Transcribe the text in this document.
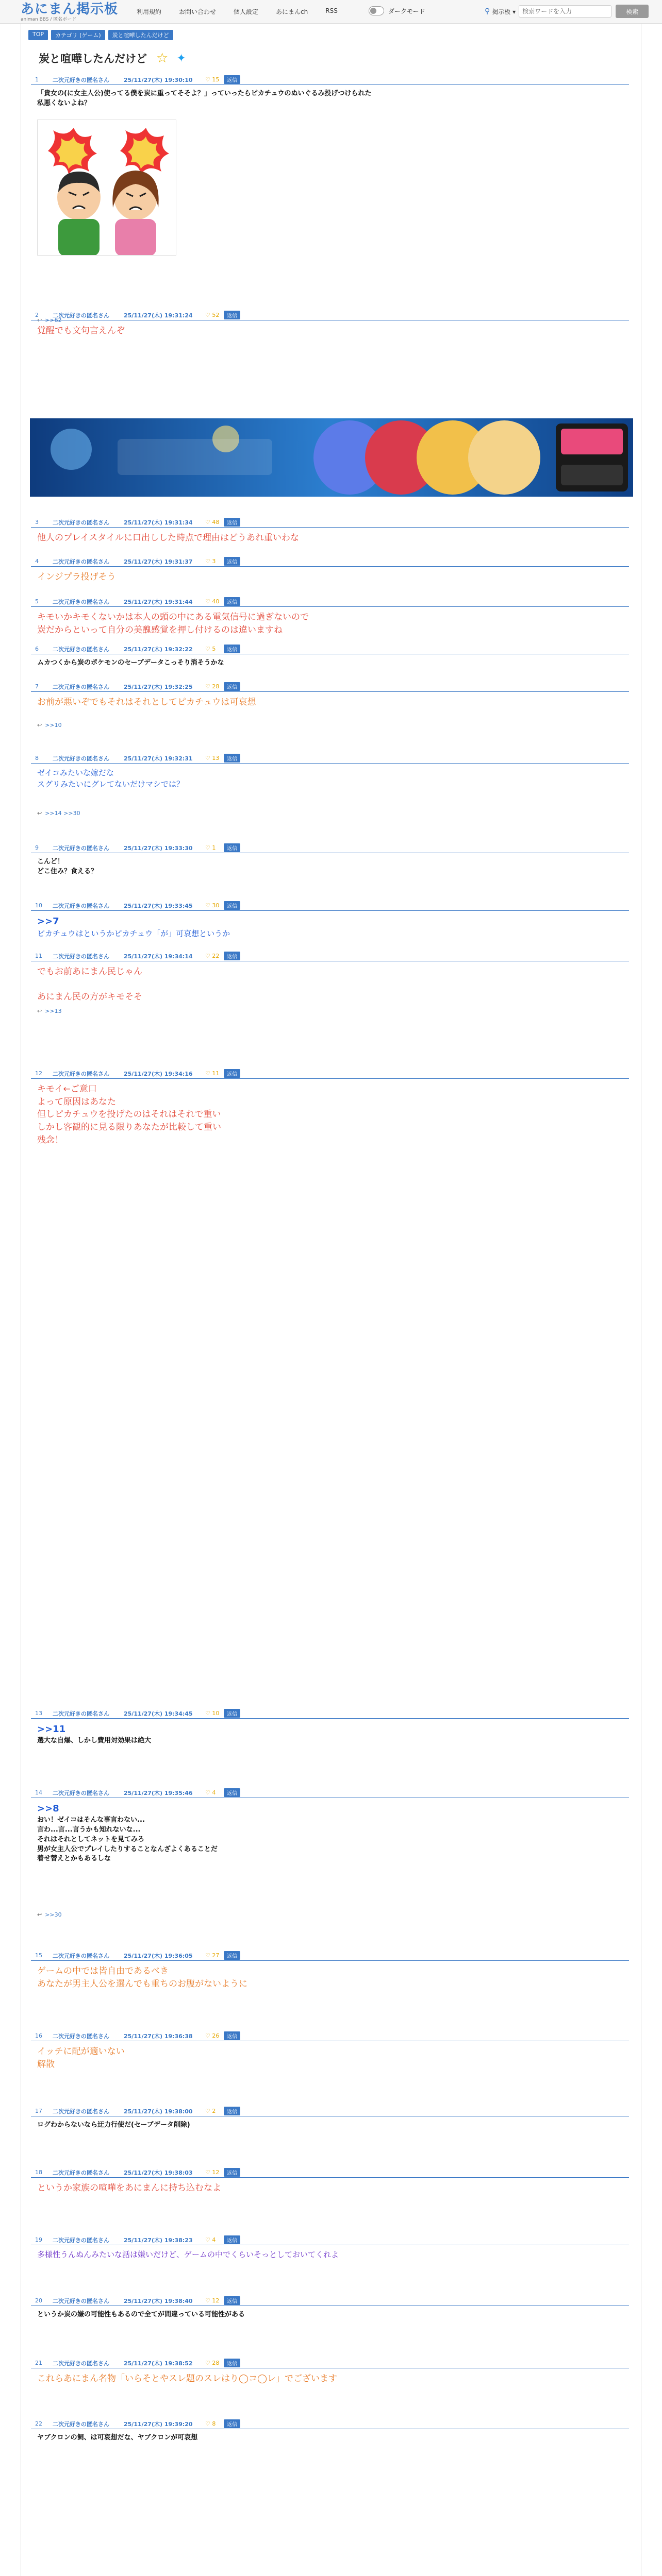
あにまん掲示板
animan BBS / 匿名ボード
利用規約	お問い合わせ	個人設定	あにまんch	RSS	ダークモード	⚲ 掲示板 ▾
検索ワードを入力	検索
TOP	カテゴリ (ゲーム)	炭と喧嘩したんだけど
炭と喧嘩したんだけど ☆ ✦
1	二次元好きの匿名さん	25/11/27(木) 19:30:10	♡ 15	返信
「貴女の(に女主人公)使ってる僕を炭に重ってそそよ？」っていったらピカチュウのぬいぐるみ投げつけられた
私悪くないよね？
↩ >>62
2	二次元好きの匿名さん	25/11/27(木) 19:31:24	♡ 52	返信
覚醒でも文句言えんぞ
3	二次元好きの匿名さん	25/11/27(木) 19:31:34	♡ 48	返信
他人のプレイスタイルに口出しした時点で理由はどうあれ重いわな
4	二次元好きの匿名さん	25/11/27(木) 19:31:37	♡ 3	返信
インジプラ投げそう
5	二次元好きの匿名さん	25/11/27(木) 19:31:44	♡ 40	返信
キモいかキモくないかは本人の頭の中にある電気信号に過ぎないので
炭だからといって自分の美醜感覚を押し付けるのは違いますね
6	二次元好きの匿名さん	25/11/27(木) 19:32:22	♡ 5	返信
ムカつくから炭のポケモンのセーブデータこっそり消そうかな
7	二次元好きの匿名さん	25/11/27(木) 19:32:25	♡ 28	返信
お前が悪いぞでもそれはそれとしてピカチュウは可哀想
↩ >>10
8	二次元好きの匿名さん	25/11/27(木) 19:32:31	♡ 13	返信
ゼイコみたいな嫁だな
スグリみたいにグレてないだけマシでは？
↩ >>14 >>30
9	二次元好きの匿名さん	25/11/27(木) 19:33:30	♡ 1	返信
こんど！
どこ住み？食える？
10	二次元好きの匿名さん	25/11/27(木) 19:33:45	♡ 30	返信
>>7
ピカチュウはというかピカチュウ「が」可哀想というか
11	二次元好きの匿名さん	25/11/27(木) 19:34:14	♡ 22	返信
でもお前あにまん民じゃん

あにまん民の方がキモそそ
↩ >>13
12	二次元好きの匿名さん	25/11/27(木) 19:34:16	♡ 11	返信
キモイ←ご意口
よって原因はあなた
但しピカチュウを投げたのはそれはそれで重い
しかし客観的に見る限りあなたが比較して重い
残念！
13	二次元好きの匿名さん	25/11/27(木) 19:34:45	♡ 10	返信
>>11
選大な自爆、しかし費用対効果は絶大
14	二次元好きの匿名さん	25/11/27(木) 19:35:46	♡ 4	返信
>>8
おい！ゼイコはそんな事言わない...
言わ...言...言うかも知れないな...
それはそれとしてネットを見てみろ
男が女主人公でプレイしたりすることなんざよくあることだ
着せ替えとかもあるしな
↩ >>30
15	二次元好きの匿名さん	25/11/27(木) 19:36:05	♡ 27	返信
ゲームの中では皆自由であるべき
あなたが男主人公を選んでも重ちのお腹がないように
16	二次元好きの匿名さん	25/11/27(木) 19:36:38	♡ 26	返信
イッチに配が適いない
解散
17	二次元好きの匿名さん	25/11/27(木) 19:38:00	♡ 2	返信
ログわからないなら迂力行使だ(セーブデータ削除)
18	二次元好きの匿名さん	25/11/27(木) 19:38:03	♡ 12	返信
というか家族の喧嘩をあにまんに持ち込むなよ
19	二次元好きの匿名さん	25/11/27(木) 19:38:23	♡ 4	返信
多様性うんぬんみたいな話は嫌いだけど、ゲームの中でくらいそっとしておいてくれよ
20	二次元好きの匿名さん	25/11/27(木) 19:38:40	♡ 12	返信
というか炭の嫌の可能性もあるので全てが間違っている可能性がある
21	二次元好きの匿名さん	25/11/27(木) 19:38:52	♡ 28	返信
これらあにまん名物「いらそとやスレ題のスレはり◯コ◯レ」でございます
22	二次元好きの匿名さん	25/11/27(木) 19:39:20	♡ 8	返信
ヤブクロンの飼、は可哀想だな、ヤブクロンが可哀想
